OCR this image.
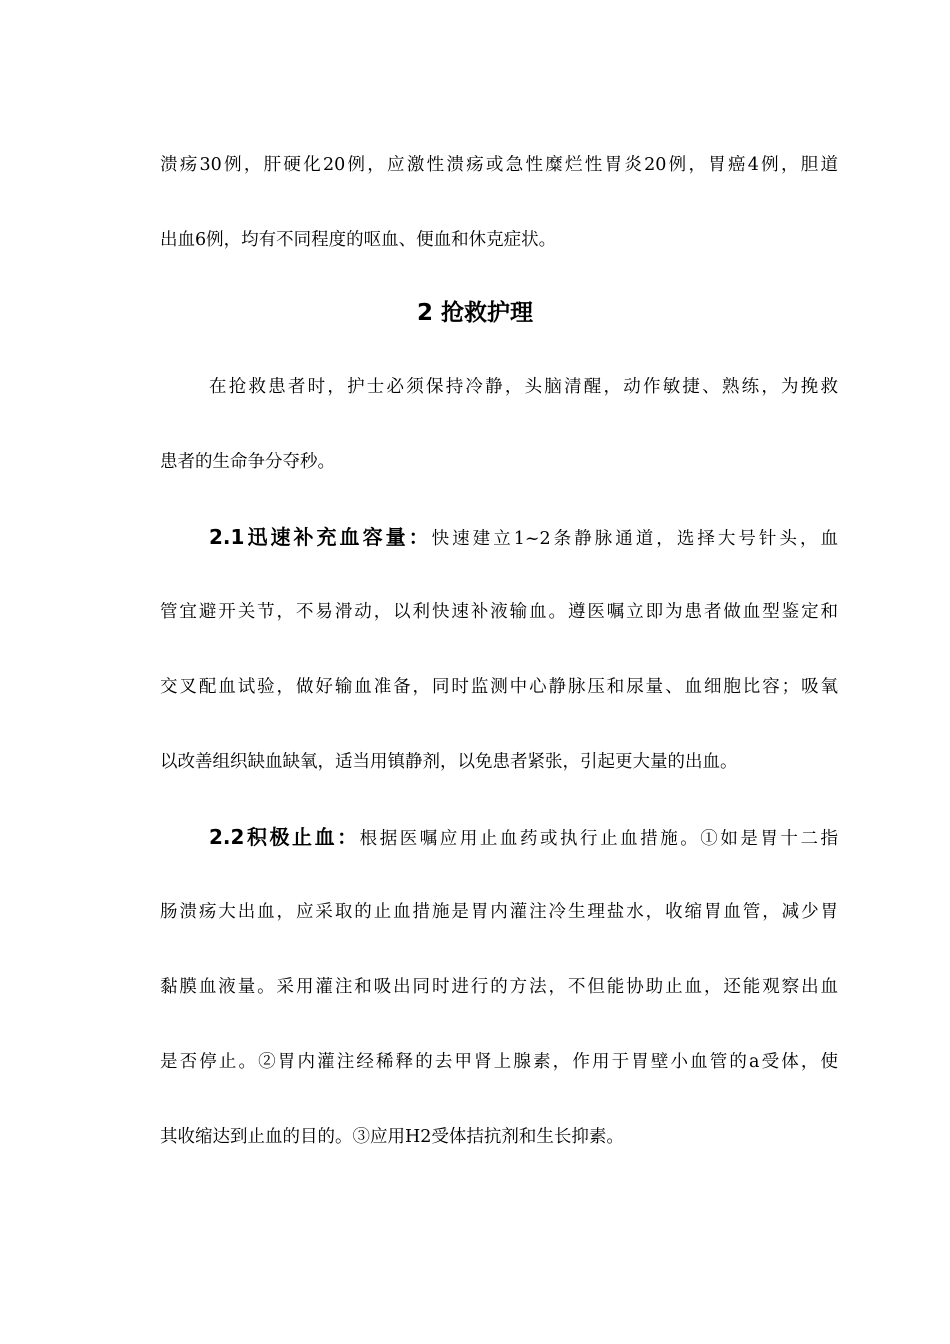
溃疡30例，肝硬化20例，应激性溃疡或急性糜烂性胃炎20例，胃癌4例，胆道
出血6例，均有不同程度的呕血、便血和休克症状。
2 抢救护理
在抢救患者时，护士必须保持冷静，头脑清醒，动作敏捷、熟练，为挽救
患者的生命争分夺秒。
2.1迅速补充血容量：快速建立1~2条静脉通道，选择大号针头，血
管宜避开关节，不易滑动，以利快速补液输血。遵医嘱立即为患者做血型鉴定和
交叉配血试验，做好输血准备，同时监测中心静脉压和尿量、血细胞比容；吸氧
以改善组织缺血缺氧，适当用镇静剂，以免患者紧张，引起更大量的出血。
2.2积极止血：根据医嘱应用止血药或执行止血措施。①如是胃十二指
肠溃疡大出血，应采取的止血措施是胃内灌注冷生理盐水，收缩胃血管，减少胃
黏膜血液量。采用灌注和吸出同时进行的方法，不但能协助止血，还能观察出血
是否停止。②胃内灌注经稀释的去甲肾上腺素，作用于胃壁小血管的a受体，使
其收缩达到止血的目的。③应用H2受体拮抗剂和生长抑素。
